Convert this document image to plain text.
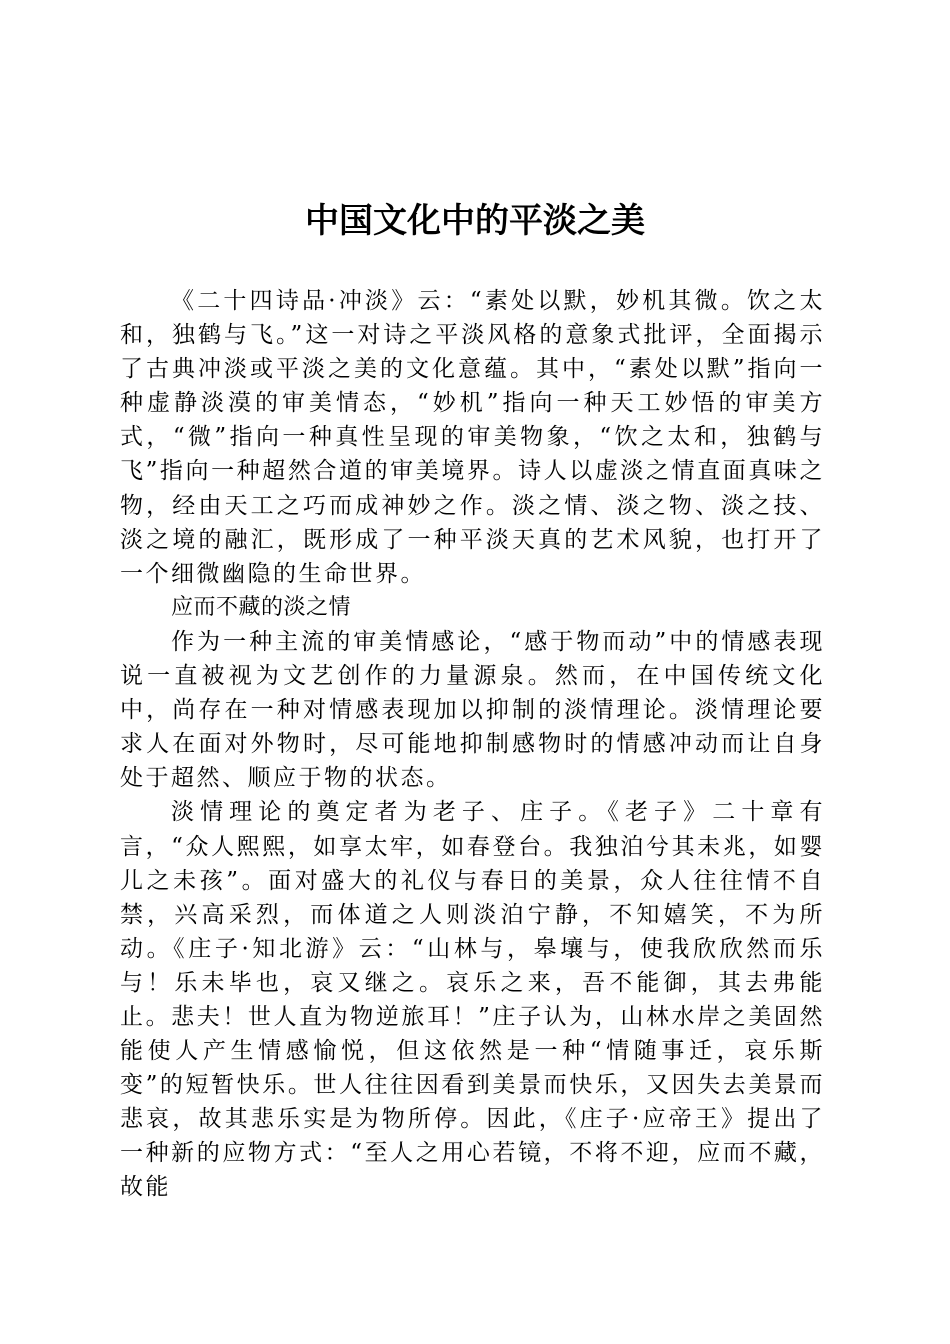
中国文化中的平淡之美

《二十四诗品·冲淡》云：“素处以默，妙机其微。饮之太和，独鹤与飞。”这一对诗之平淡风格的意象式批评，全面揭示了古典冲淡或平淡之美的文化意蕴。其中，“素处以默”指向一种虚静淡漠的审美情态，“妙机”指向一种天工妙悟的审美方式，“微”指向一种真性呈现的审美物象，“饮之太和，独鹤与飞”指向一种超然合道的审美境界。诗人以虚淡之情直面真味之物，经由天工之巧而成神妙之作。淡之情、淡之物、淡之技、淡之境的融汇，既形成了一种平淡天真的艺术风貌，也打开了一个细微幽隐的生命世界。

应而不藏的淡之情

作为一种主流的审美情感论，“感于物而动”中的情感表现说一直被视为文艺创作的力量源泉。然而，在中国传统文化中，尚存在一种对情感表现加以抑制的淡情理论。淡情理论要求人在面对外物时，尽可能地抑制感物时的情感冲动而让自身处于超然、顺应于物的状态。

淡情理论的奠定者为老子、庄子。《老子》二十章有言，“众人熙熙，如享太牢，如春登台。我独泊兮其未兆，如婴儿之未孩”。面对盛大的礼仪与春日的美景，众人往往情不自禁，兴高采烈，而体道之人则淡泊宁静，不知嬉笑，不为所动。《庄子·知北游》云：“山林与，皋壤与，使我欣欣然而乐与！乐未毕也，哀又继之。哀乐之来，吾不能御，其去弗能止。悲夫！世人直为物逆旅耳！”庄子认为，山林水岸之美固然能使人产生情感愉悦，但这依然是一种“情随事迁，哀乐斯变”的短暂快乐。世人往往因看到美景而快乐，又因失去美景而悲哀，故其悲乐实是为物所停。因此，《庄子·应帝王》提出了一种新的应物方式：“至人之用心若镜，不将不迎，应而不藏，故能
